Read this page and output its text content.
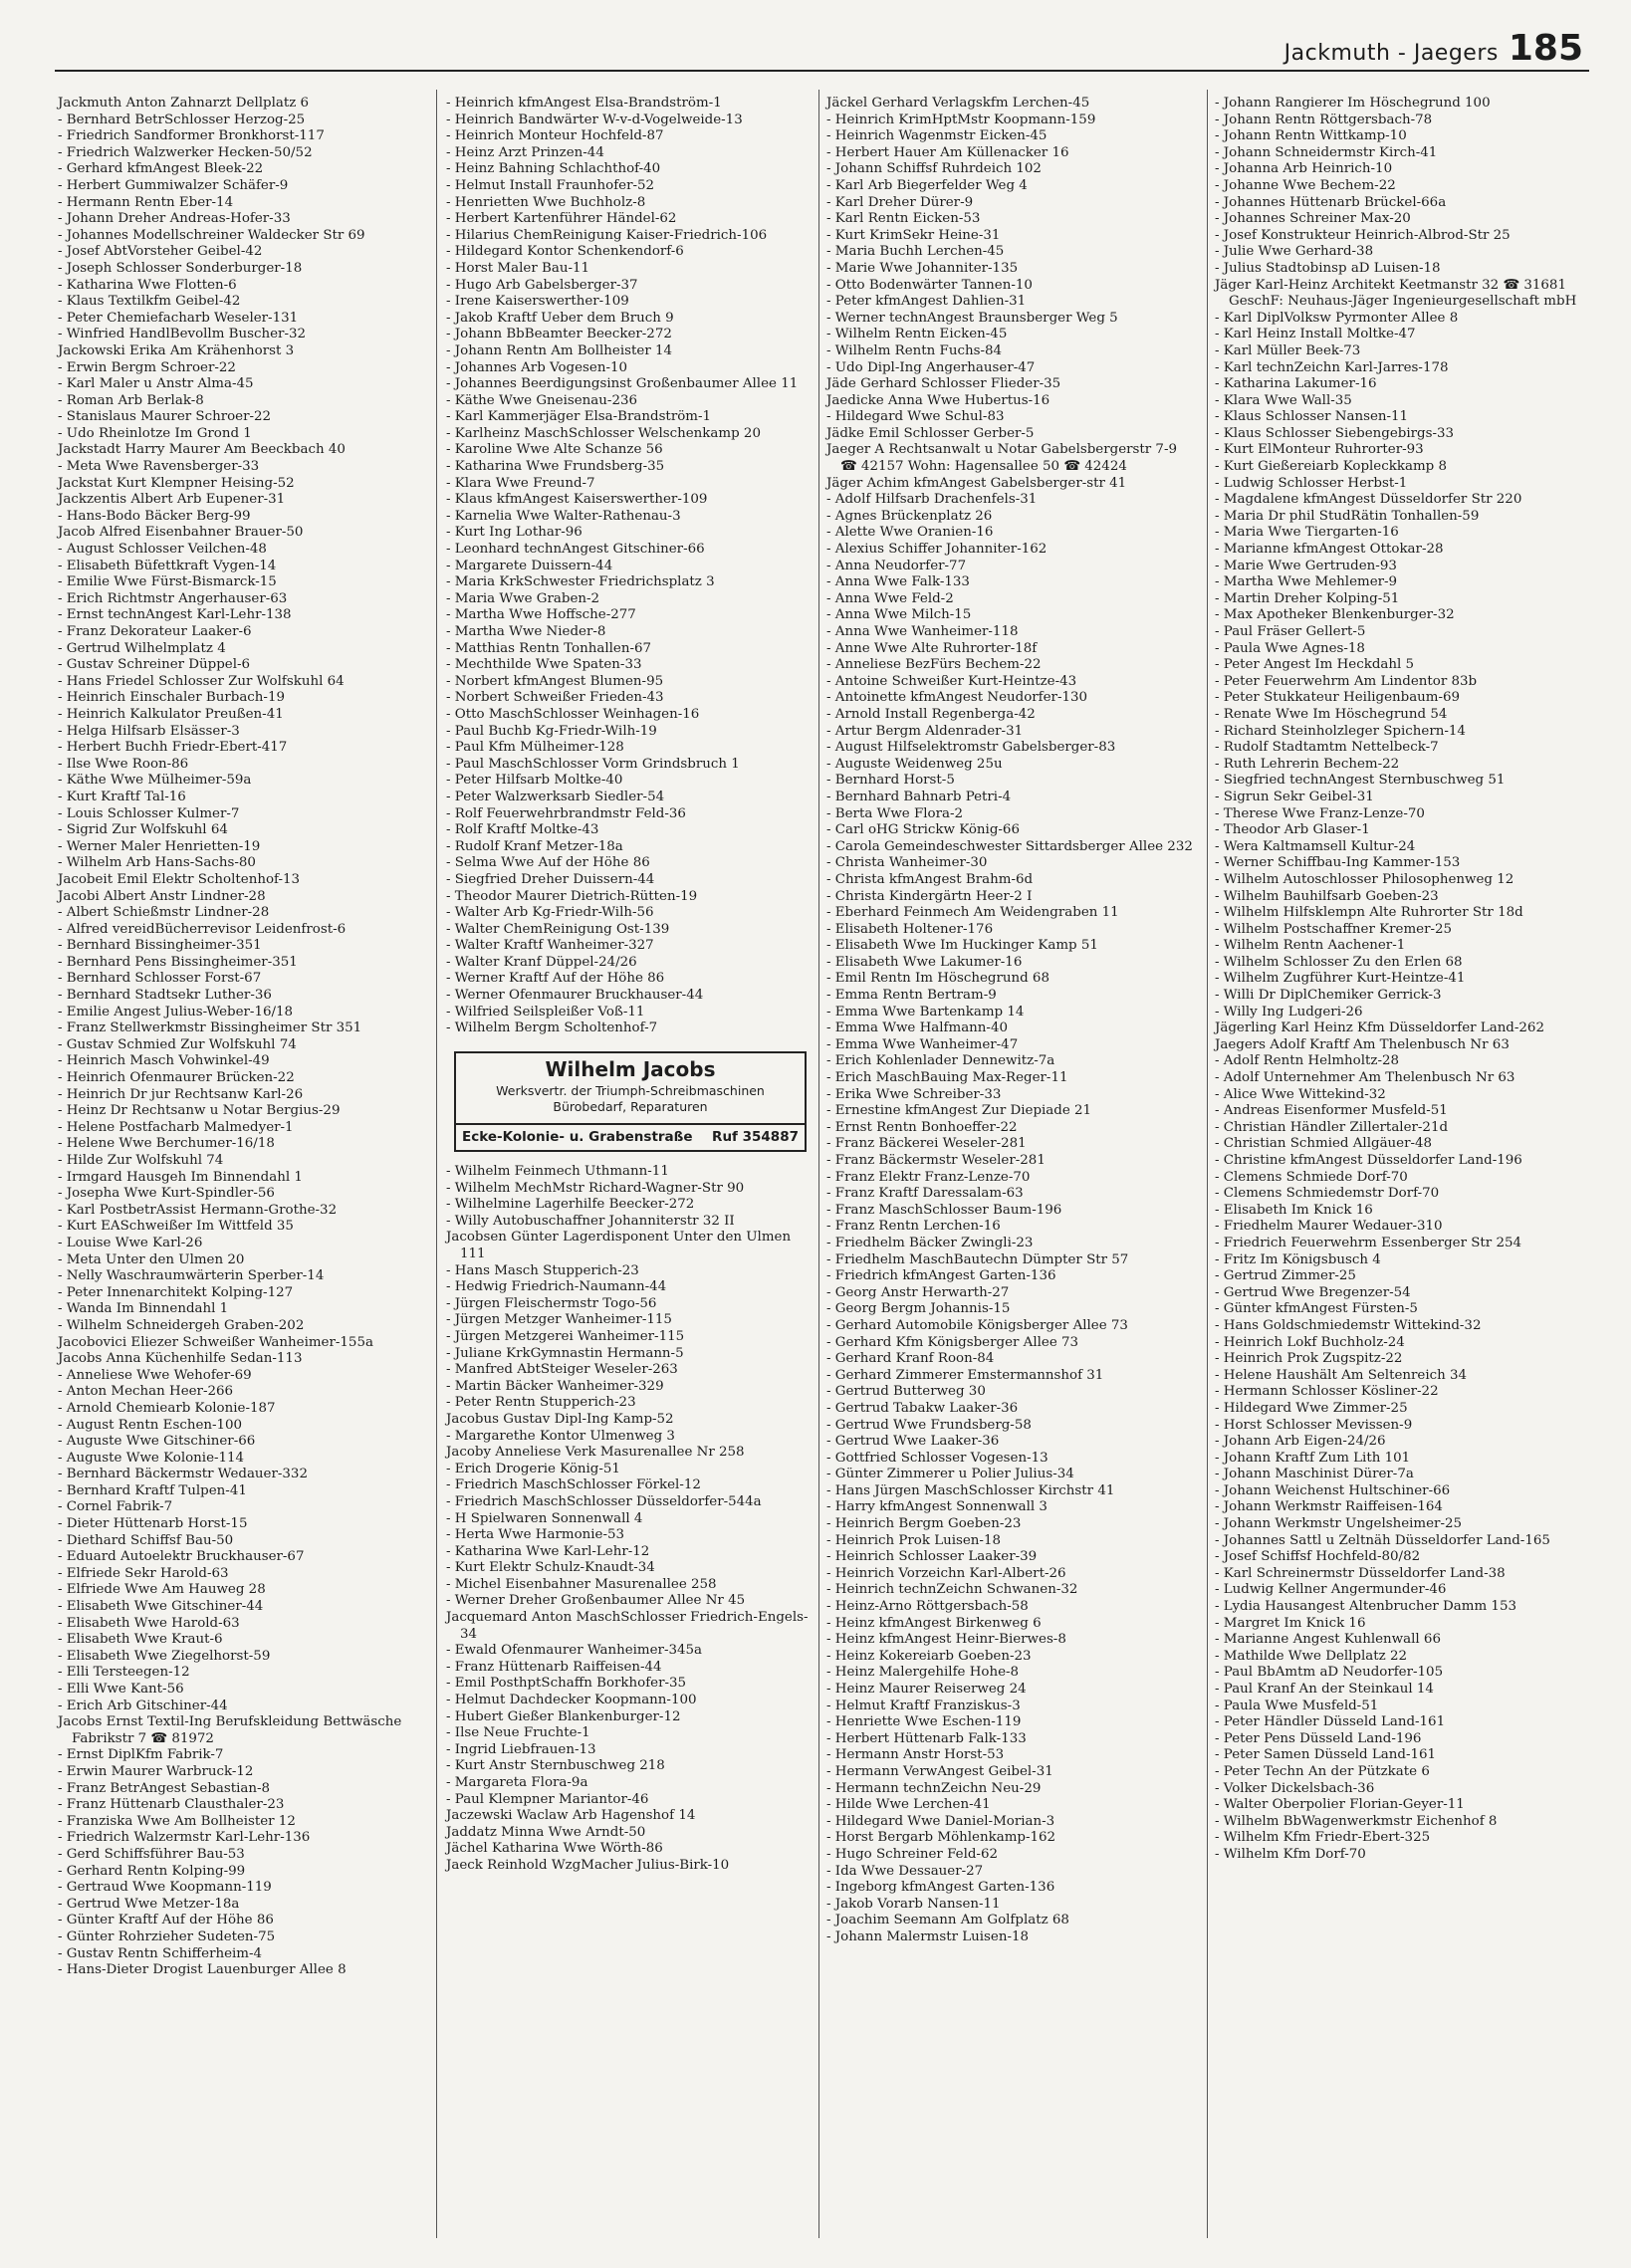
Jackmuth - Jaegers 185
Jackmuth Anton Zahnarzt Dellplatz 6
- Bernhard BetrSchlosser Herzog-25
- Friedrich Sandformer Bronkhorst-117
- Friedrich Walzwerker Hecken-50/52
- Gerhard kfmAngest Bleek-22
- Herbert Gummiwalzer Schäfer-9
- Hermann Rentn Eber-14
- Johann Dreher Andreas-Hofer-33
- Johannes Modellschreiner Waldecker Str 69
- Josef AbtVorsteher Geibel-42
- Joseph Schlosser Sonderburger-18
- Katharina Wwe Flotten-6
- Klaus Textilkfm Geibel-42
- Peter Chemiefacharb Weseler-131
- Winfried HandlBevollm Buscher-32
Jackowski Erika Am Krähenhorst 3
- Erwin Bergm Schroer-22
- Karl Maler u Anstr Alma-45
- Roman Arb Berlak-8
- Stanislaus Maurer Schroer-22
- Udo Rheinlotze Im Grond 1
Jackstadt Harry Maurer Am Beeckbach 40
- Meta Wwe Ravensberger-33
Jackstat Kurt Klempner Heising-52
Jackzentis Albert Arb Eupener-31
- Hans-Bodo Bäcker Berg-99
Jacob Alfred Eisenbahner Brauer-50
- August Schlosser Veilchen-48
- Elisabeth Büfettkraft Vygen-14
- Emilie Wwe Fürst-Bismarck-15
- Erich Richtmstr Angerhauser-63
- Ernst technAngest Karl-Lehr-138
- Franz Dekorateur Laaker-6
- Gertrud Wilhelmplatz 4
- Gustav Schreiner Düppel-6
- Hans Friedel Schlosser Zur Wolfskuhl 64
- Heinrich Einschaler Burbach-19
- Heinrich Kalkulator Preußen-41
- Helga Hilfsarb Elsässer-3
- Herbert Buchh Friedr-Ebert-417
- Ilse Wwe Roon-86
- Käthe Wwe Mülheimer-59a
- Kurt Kraftf Tal-16
- Louis Schlosser Kulmer-7
- Sigrid Zur Wolfskuhl 64
- Werner Maler Henrietten-19
- Wilhelm Arb Hans-Sachs-80
Jacobeit Emil Elektr Scholtenhof-13
Jacobi Albert Anstr Lindner-28
- Albert Schießmstr Lindner-28
- Alfred vereidBücherrevisor Leidenfrost-6
- Bernhard Bissingheimer-351
- Bernhard Pens Bissingheimer-351
- Bernhard Schlosser Forst-67
- Bernhard Stadtsekr Luther-36
- Emilie Angest Julius-Weber-16/18
- Franz Stellwerkmstr Bissingheimer Str 351
- Gustav Schmied Zur Wolfskuhl 74
- Heinrich Masch Vohwinkel-49
- Heinrich Ofenmaurer Brücken-22
- Heinrich Dr jur Rechtsanw Karl-26
- Heinz Dr Rechtsanw u Notar Bergius-29
- Helene Postfacharb Malmedyer-1
- Helene Wwe Berchumer-16/18
- Hilde Zur Wolfskuhl 74
- Irmgard Hausgeh Im Binnendahl 1
- Josepha Wwe Kurt-Spindler-56
- Karl PostbetrAssist Hermann-Grothe-32
- Kurt EASchweißer Im Wittfeld 35
- Louise Wwe Karl-26
- Meta Unter den Ulmen 20
- Nelly Waschraumwärterin Sperber-14
- Peter Innenarchitekt Kolping-127
- Wanda Im Binnendahl 1
- Wilhelm Schneidergeh Graben-202
Jacobovici Eliezer Schweißer Wanheimer-155a
Jacobs Anna Küchenhilfe Sedan-113
- Anneliese Wwe Wehofer-69
- Anton Mechan Heer-266
- Arnold Chemiearb Kolonie-187
- August Rentn Eschen-100
- Auguste Wwe Gitschiner-66
- Auguste Wwe Kolonie-114
- Bernhard Bäckermstr Wedauer-332
- Bernhard Kraftf Tulpen-41
- Cornel Fabrik-7
- Dieter Hüttenarb Horst-15
- Diethard Schiffsf Bau-50
- Eduard Autoelektr Bruckhauser-67
- Elfriede Sekr Harold-63
- Elfriede Wwe Am Hauweg 28
- Elisabeth Wwe Gitschiner-44
- Elisabeth Wwe Harold-63
- Elisabeth Wwe Kraut-6
- Elisabeth Wwe Ziegelhorst-59
- Elli Tersteegen-12
- Elli Wwe Kant-56
- Erich Arb Gitschiner-44
Jacobs Ernst Textil-Ing Berufskleidung Bettwäsche Fabrikstr 7 ☎ 81972
- Ernst DiplKfm Fabrik-7
- Erwin Maurer Warbruck-12
- Franz BetrAngest Sebastian-8
- Franz Hüttenarb Clausthaler-23
- Franziska Wwe Am Bollheister 12
- Friedrich Walzermstr Karl-Lehr-136
- Gerd Schiffsführer Bau-53
- Gerhard Rentn Kolping-99
- Gertraud Wwe Koopmann-119
- Gertrud Wwe Metzer-18a
- Günter Kraftf Auf der Höhe 86
- Günter Rohrzieher Sudeten-75
- Gustav Rentn Schifferheim-4
- Hans-Dieter Drogist Lauenburger Allee 8
- Heinrich kfmAngest Elsa-Brandström-1
- Heinrich Bandwärter W-v-d-Vogelweide-13
- Heinrich Monteur Hochfeld-87
- Heinz Arzt Prinzen-44
- Heinz Bahning Schlachthof-40
- Helmut Install Fraunhofer-52
- Henrietten Wwe Buchholz-8
- Herbert Kartenführer Händel-62
- Hilarius ChemReinigung Kaiser-Friedrich-106
- Hildegard Kontor Schenkendorf-6
- Horst Maler Bau-11
- Hugo Arb Gabelsberger-37
- Irene Kaiserswerther-109
- Jakob Kraftf Ueber dem Bruch 9
- Johann BbBeamter Beecker-272
- Johann Rentn Am Bollheister 14
- Johannes Arb Vogesen-10
- Johannes Beerdigungsinst Großenbaumer Allee 11
- Käthe Wwe Gneisenau-236
- Karl Kammerjäger Elsa-Brandström-1
- Karlheinz MaschSchlosser Welschenkamp 20
- Karoline Wwe Alte Schanze 56
- Katharina Wwe Frundsberg-35
- Klara Wwe Freund-7
- Klaus kfmAngest Kaiserswerther-109
- Karnelia Wwe Walter-Rathenau-3
- Kurt Ing Lothar-96
- Leonhard technAngest Gitschiner-66
- Margarete Duissern-44
- Maria KrkSchwester Friedrichsplatz 3
- Maria Wwe Graben-2
- Martha Wwe Hoffsche-277
- Martha Wwe Nieder-8
- Matthias Rentn Tonhallen-67
- Mechthilde Wwe Spaten-33
- Norbert kfmAngest Blumen-95
- Norbert Schweißer Frieden-43
- Otto MaschSchlosser Weinhagen-16
- Paul Buchb Kg-Friedr-Wilh-19
- Paul Kfm Mülheimer-128
- Paul MaschSchlosser Vorm Grindsbruch 1
- Peter Hilfsarb Moltke-40
- Peter Walzwerksarb Siedler-54
- Rolf Feuerwehrbrandmstr Feld-36
- Rolf Kraftf Moltke-43
- Rudolf Kranf Metzer-18a
- Selma Wwe Auf der Höhe 86
- Siegfried Dreher Duissern-44
- Theodor Maurer Dietrich-Rütten-19
- Walter Arb Kg-Friedr-Wilh-56
- Walter ChemReinigung Ost-139
- Walter Kraftf Wanheimer-327
- Walter Kranf Düppel-24/26
- Werner Kraftf Auf der Höhe 86
- Werner Ofenmaurer Bruckhauser-44
- Wilfried Seilspleißer Voß-11
- Wilhelm Bergm Scholtenhof-7
Wilhelm Jacobs
Werksvertr. der Triumph-Schreibmaschinen
Bürobedarf, Reparaturen
Ecke-Kolonie- u. Grabenstraße Ruf 354887
- Wilhelm Feinmech Uthmann-11
- Wilhelm MechMstr Richard-Wagner-Str 90
- Wilhelmine Lagerhilfe Beecker-272
- Willy Autobuschaffner Johanniterstr 32 II
Jacobsen Günter Lagerdisponent Unter den Ulmen 111
- Hans Masch Stupperich-23
- Hedwig Friedrich-Naumann-44
- Jürgen Fleischermstr Togo-56
- Jürgen Metzger Wanheimer-115
- Jürgen Metzgerei Wanheimer-115
- Juliane KrkGymnastin Hermann-5
- Manfred AbtSteiger Weseler-263
- Martin Bäcker Wanheimer-329
- Peter Rentn Stupperich-23
Jacobus Gustav Dipl-Ing Kamp-52
- Margarethe Kontor Ulmenweg 3
Jacoby Anneliese Verk Masurenallee Nr 258
- Erich Drogerie König-51
- Friedrich MaschSchlosser Förkel-12
- Friedrich MaschSchlosser Düsseldorfer-544a
- H Spielwaren Sonnenwall 4
- Herta Wwe Harmonie-53
- Katharina Wwe Karl-Lehr-12
- Kurt Elektr Schulz-Knaudt-34
- Michel Eisenbahner Masurenallee 258
- Werner Dreher Großenbaumer Allee Nr 45
Jacquemard Anton MaschSchlosser Friedrich-Engels-34
- Ewald Ofenmaurer Wanheimer-345a
- Franz Hüttenarb Raiffeisen-44
- Emil PosthptSchaffn Borkhofer-35
- Helmut Dachdecker Koopmann-100
- Hubert Gießer Blankenburger-12
- Ilse Neue Fruchte-1
- Ingrid Liebfrauen-13
- Kurt Anstr Sternbuschweg 218
- Margareta Flora-9a
- Paul Klempner Mariantor-46
Jaczewski Waclaw Arb Hagenshof 14
Jaddatz Minna Wwe Arndt-50
Jächel Katharina Wwe Wörth-86
Jaeck Reinhold WzgMacher Julius-Birk-10
Jäckel Gerhard Verlagskfm Lerchen-45
- Heinrich KrimHptMstr Koopmann-159
- Heinrich Wagenmstr Eicken-45
- Herbert Hauer Am Küllenacker 16
- Johann Schiffsf Ruhrdeich 102
- Karl Arb Biegerfelder Weg 4
- Karl Dreher Dürer-9
- Karl Rentn Eicken-53
- Kurt KrimSekr Heine-31
- Maria Buchh Lerchen-45
- Marie Wwe Johanniter-135
- Otto Bodenwärter Tannen-10
- Peter kfmAngest Dahlien-31
- Werner technAngest Braunsberger Weg 5
- Wilhelm Rentn Eicken-45
- Wilhelm Rentn Fuchs-84
- Udo Dipl-Ing Angerhauser-47
Jäde Gerhard Schlosser Flieder-35
Jaedicke Anna Wwe Hubertus-16
- Hildegard Wwe Schul-83
Jädke Emil Schlosser Gerber-5
Jaeger A Rechtsanwalt u Notar Gabelsbergerstr 7-9 ☎ 42157 Wohn: Hagensallee 50 ☎ 42424
Jäger Achim kfmAngest Gabelsberger-str 41
- Adolf Hilfsarb Drachenfels-31
- Agnes Brückenplatz 26
- Alette Wwe Oranien-16
- Alexius Schiffer Johanniter-162
- Anna Neudorfer-77
- Anna Wwe Falk-133
- Anna Wwe Feld-2
- Anna Wwe Milch-15
- Anna Wwe Wanheimer-118
- Anne Wwe Alte Ruhrorter-18f
- Anneliese BezFürs Bechem-22
- Antoine Schweißer Kurt-Heintze-43
- Antoinette kfmAngest Neudorfer-130
- Arnold Install Regenberga-42
- Artur Bergm Aldenrader-31
- August Hilfselektromstr Gabelsberger-83
- Auguste Weidenweg 25u
- Bernhard Horst-5
- Bernhard Bahnarb Petri-4
- Berta Wwe Flora-2
- Carl oHG Strickw König-66
- Carola Gemeindeschwester Sittardsberger Allee 232
- Christa Wanheimer-30
- Christa kfmAngest Brahm-6d
- Christa Kindergärtn Heer-2 I
- Eberhard Feinmech Am Weidengraben 11
- Elisabeth Holtener-176
- Elisabeth Wwe Im Huckinger Kamp 51
- Elisabeth Wwe Lakumer-16
- Emil Rentn Im Höschegrund 68
- Emma Rentn Bertram-9
- Emma Wwe Bartenkamp 14
- Emma Wwe Halfmann-40
- Emma Wwe Wanheimer-47
- Erich Kohlenlader Dennewitz-7a
- Erich MaschBauing Max-Reger-11
- Erika Wwe Schreiber-33
- Ernestine kfmAngest Zur Diepiade 21
- Ernst Rentn Bonhoeffer-22
- Franz Bäckerei Weseler-281
- Franz Bäckermstr Weseler-281
- Franz Elektr Franz-Lenze-70
- Franz Kraftf Daressalam-63
- Franz MaschSchlosser Baum-196
- Franz Rentn Lerchen-16
- Friedhelm Bäcker Zwingli-23
- Friedhelm MaschBautechn Dümpter Str 57
- Friedrich kfmAngest Garten-136
- Georg Anstr Herwarth-27
- Georg Bergm Johannis-15
- Gerhard Automobile Königsberger Allee 73
- Gerhard Kfm Königsberger Allee 73
- Gerhard Kranf Roon-84
- Gerhard Zimmerer Emstermannshof 31
- Gertrud Butterweg 30
- Gertrud Tabakw Laaker-36
- Gertrud Wwe Frundsberg-58
- Gertrud Wwe Laaker-36
- Gottfried Schlosser Vogesen-13
- Günter Zimmerer u Polier Julius-34
- Hans Jürgen MaschSchlosser Kirchstr 41
- Harry kfmAngest Sonnenwall 3
- Heinrich Bergm Goeben-23
- Heinrich Prok Luisen-18
- Heinrich Schlosser Laaker-39
- Heinrich Vorzeichn Karl-Albert-26
- Heinrich technZeichn Schwanen-32
- Heinz-Arno Röttgersbach-58
- Heinz kfmAngest Birkenweg 6
- Heinz kfmAngest Heinr-Bierwes-8
- Heinz Kokereiarb Goeben-23
- Heinz Malergehilfe Hohe-8
- Heinz Maurer Reiserweg 24
- Helmut Kraftf Franziskus-3
- Henriette Wwe Eschen-119
- Herbert Hüttenarb Falk-133
- Hermann Anstr Horst-53
- Hermann VerwAngest Geibel-31
- Hermann technZeichn Neu-29
- Hilde Wwe Lerchen-41
- Hildegard Wwe Daniel-Morian-3
- Horst Bergarb Möhlenkamp-162
- Hugo Schreiner Feld-62
- Ida Wwe Dessauer-27
- Ingeborg kfmAngest Garten-136
- Jakob Vorarb Nansen-11
- Joachim Seemann Am Golfplatz 68
- Johann Malermstr Luisen-18
- Johann Rangierer Im Höschegrund 100
- Johann Rentn Röttgersbach-78
- Johann Rentn Wittkamp-10
- Johann Schneidermstr Kirch-41
- Johanna Arb Heinrich-10
- Johanne Wwe Bechem-22
- Johannes Hüttenarb Brückel-66a
- Johannes Schreiner Max-20
- Josef Konstrukteur Heinrich-Albrod-Str 25
- Julie Wwe Gerhard-38
- Julius Stadtobinsp aD Luisen-18
Jäger Karl-Heinz Architekt Keetmanstr 32 ☎ 31681 GeschF: Neuhaus-Jäger Ingenieurgesellschaft mbH
- Karl DiplVolksw Pyrmonter Allee 8
- Karl Heinz Install Moltke-47
- Karl Müller Beek-73
- Karl technZeichn Karl-Jarres-178
- Katharina Lakumer-16
- Klara Wwe Wall-35
- Klaus Schlosser Nansen-11
- Klaus Schlosser Siebengebirgs-33
- Kurt ElMonteur Ruhrorter-93
- Kurt Gießereiarb Kopleckkamp 8
- Ludwig Schlosser Herbst-1
- Magdalene kfmAngest Düsseldorfer Str 220
- Maria Dr phil StudRätin Tonhallen-59
- Maria Wwe Tiergarten-16
- Marianne kfmAngest Ottokar-28
- Marie Wwe Gertruden-93
- Martha Wwe Mehlemer-9
- Martin Dreher Kolping-51
- Max Apotheker Blenkenburger-32
- Paul Fräser Gellert-5
- Paula Wwe Agnes-18
- Peter Angest Im Heckdahl 5
- Peter Feuerwehrm Am Lindentor 83b
- Peter Stukkateur Heiligenbaum-69
- Renate Wwe Im Höschegrund 54
- Richard Steinholzleger Spichern-14
- Rudolf Stadtamtm Nettelbeck-7
- Ruth Lehrerin Bechem-22
- Siegfried technAngest Sternbuschweg 51
- Sigrun Sekr Geibel-31
- Therese Wwe Franz-Lenze-70
- Theodor Arb Glaser-1
- Wera Kaltmamsell Kultur-24
- Werner Schiffbau-Ing Kammer-153
- Wilhelm Autoschlosser Philosophenweg 12
- Wilhelm Bauhilfsarb Goeben-23
- Wilhelm Hilfsklempn Alte Ruhrorter Str 18d
- Wilhelm Postschaffner Kremer-25
- Wilhelm Rentn Aachener-1
- Wilhelm Schlosser Zu den Erlen 68
- Wilhelm Zugführer Kurt-Heintze-41
- Willi Dr DiplChemiker Gerrick-3
- Willy Ing Ludgeri-26
Jägerling Karl Heinz Kfm Düsseldorfer Land-262
Jaegers Adolf Kraftf Am Thelenbusch Nr 63
- Adolf Rentn Helmholtz-28
- Adolf Unternehmer Am Thelenbusch Nr 63
- Alice Wwe Wittekind-32
- Andreas Eisenformer Musfeld-51
- Christian Händler Zillertaler-21d
- Christian Schmied Allgäuer-48
- Christine kfmAngest Düsseldorfer Land-196
- Clemens Schmiede Dorf-70
- Clemens Schmiedemstr Dorf-70
- Elisabeth Im Knick 16
- Friedhelm Maurer Wedauer-310
- Friedrich Feuerwehrm Essenberger Str 254
- Fritz Im Königsbusch 4
- Gertrud Zimmer-25
- Gertrud Wwe Bregenzer-54
- Günter kfmAngest Fürsten-5
- Hans Goldschmiedemstr Wittekind-32
- Heinrich Lokf Buchholz-24
- Heinrich Prok Zugspitz-22
- Helene Haushält Am Seltenreich 34
- Hermann Schlosser Kösliner-22
- Hildegard Wwe Zimmer-25
- Horst Schlosser Mevissen-9
- Johann Arb Eigen-24/26
- Johann Kraftf Zum Lith 101
- Johann Maschinist Dürer-7a
- Johann Weichenst Hultschiner-66
- Johann Werkmstr Raiffeisen-164
- Johann Werkmstr Ungelsheimer-25
- Johannes Sattl u Zeltnäh Düsseldorfer Land-165
- Josef Schiffsf Hochfeld-80/82
- Karl Schreinermstr Düsseldorfer Land-38
- Ludwig Kellner Angermunder-46
- Lydia Hausangest Altenbrucher Damm 153
- Margret Im Knick 16
- Marianne Angest Kuhlenwall 66
- Mathilde Wwe Dellplatz 22
- Paul BbAmtm aD Neudorfer-105
- Paul Kranf An der Steinkaul 14
- Paula Wwe Musfeld-51
- Peter Händler Düsseld Land-161
- Peter Pens Düsseld Land-196
- Peter Samen Düsseld Land-161
- Peter Techn An der Pützkate 6
- Volker Dickelsbach-36
- Walter Oberpolier Florian-Geyer-11
- Wilhelm BbWagenwerkmstr Eichenhof 8
- Wilhelm Kfm Friedr-Ebert-325
- Wilhelm Kfm Dorf-70
